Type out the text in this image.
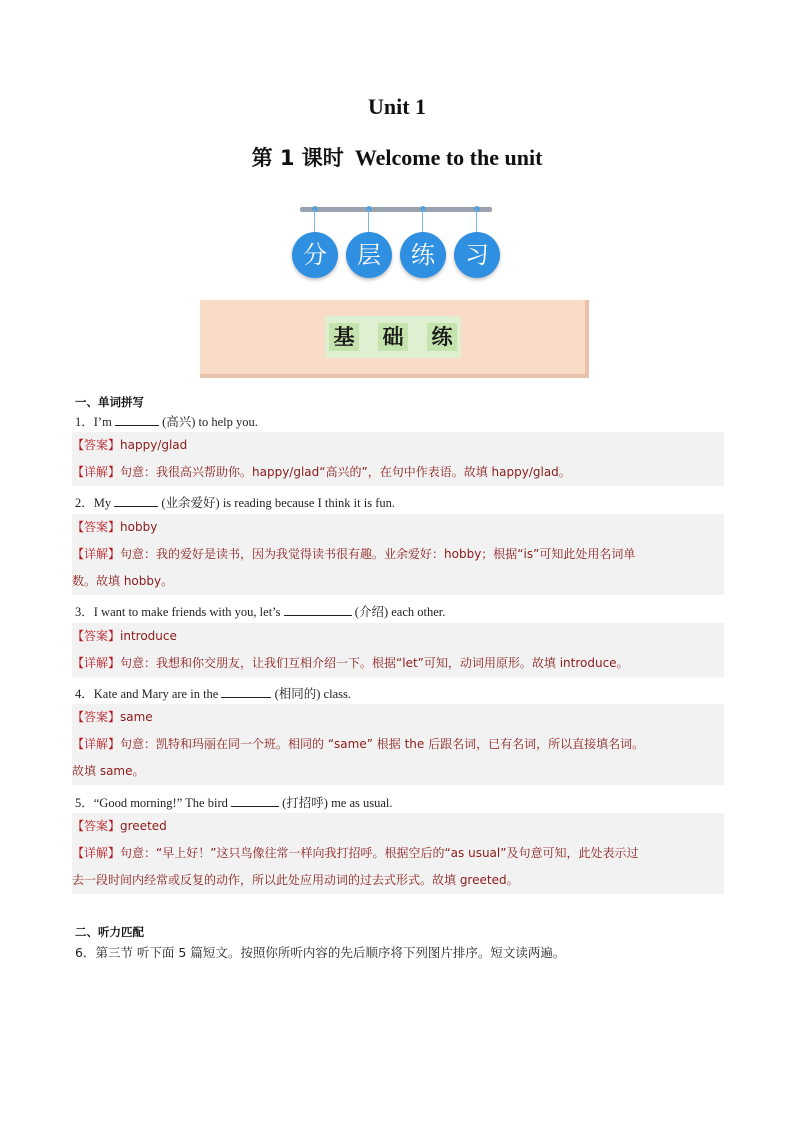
Unit 1
第 1 课时 Welcome to the unit
分	层	练	习
基 础 练
一、单词拼写
1．I’m	(高兴) to help you.
【答案】happy/glad
【详解】句意：我很高兴帮助你。happy/glad“高兴的”，在句中作表语。故填 happy/glad。
2．My	(业余爱好) is reading because I think it is fun.
【答案】hobby
【详解】句意：我的爱好是读书，因为我觉得读书很有趣。业余爱好：hobby；根据“is”可知此处用名词单
数。故填 hobby。
3．I want to make friends with you, let’s	(介绍) each other.
【答案】introduce
【详解】句意：我想和你交朋友，让我们互相介绍一下。根据“let”可知，动词用原形。故填 introduce。
4．Kate and Mary are in the	(相同的) class.
【答案】same
【详解】句意：凯特和玛丽在同一个班。相同的 “same” 根据 the 后跟名词，已有名词，所以直接填名词。
故填 same。
5．“Good morning!” The bird	(打招呼) me as usual.
【答案】greeted
【详解】句意：“早上好！”这只鸟像往常一样向我打招呼。根据空后的“as usual”及句意可知，此处表示过
去一段时间内经常或反复的动作，所以此处应用动词的过去式形式。故填 greeted。
二、听力匹配
6．第三节 听下面 5 篇短文。按照你所听内容的先后顺序将下列图片排序。短文读两遍。
